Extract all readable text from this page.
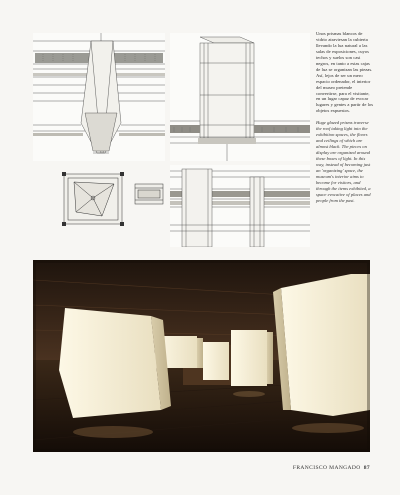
Unos prismas blancos de vidrio atraviesan la cubierta llevando la luz natural a las salas de exposiciones, cuyos techos y suelos son casi negros, en tanto a estas cajas de luz se organizan las piezas. Así, lejos de ser un mero espacio ordenador, el interior del museo pretende convertirse, para el visitante, en un lugar capaz de evocar lugares y gentes a partir de los objetos expuestos.

Huge glazed prisms traverse the roof taking light into the exhibition spaces, the floors and ceilings of which are almost black. The pieces on display are organized around these boxes of light. In this way, instead of becoming just an 'organizing' space, the museum's interior aims to become for visitors, and through the items exhibited, a space evocative of places and people from the past.

FRANCISCO MANGADO 87
